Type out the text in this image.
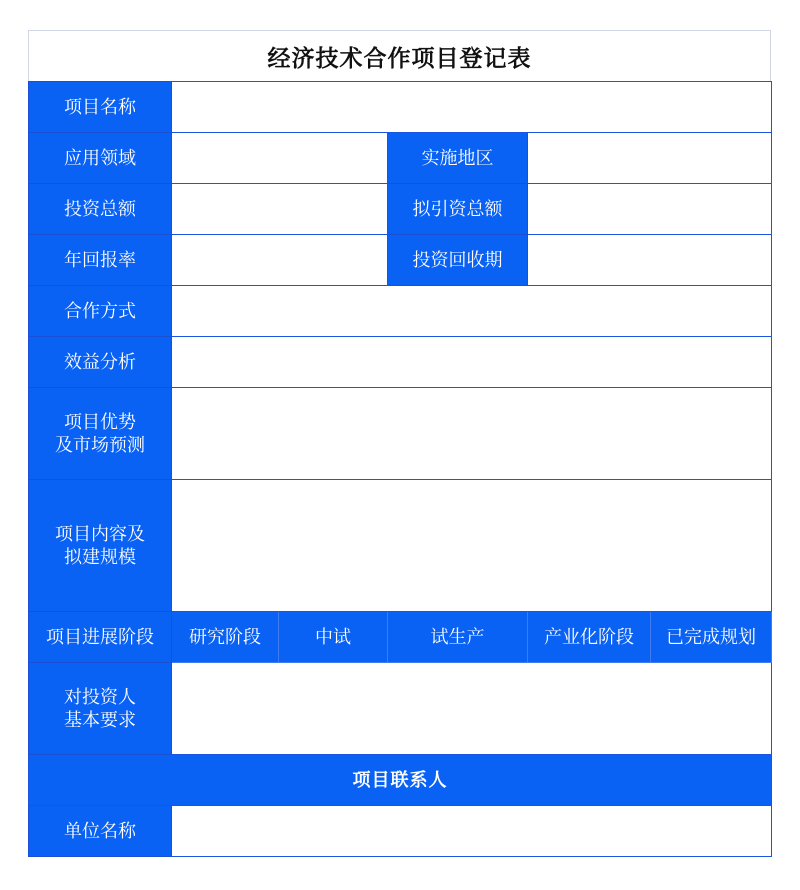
经济技术合作项目登记表
项目名称					
应用领域			实施地区		
投资总额			拟引资总额		
年回报率			投资回收期		
合作方式					
效益分析					

项目优势
及市场预测					

项目内容及
拟建规模					

项目进展阶段	研究阶段	中试	试生产	产业化阶段	已完成规划

对投资人
基本要求					

项目联系人					
单位名称					
